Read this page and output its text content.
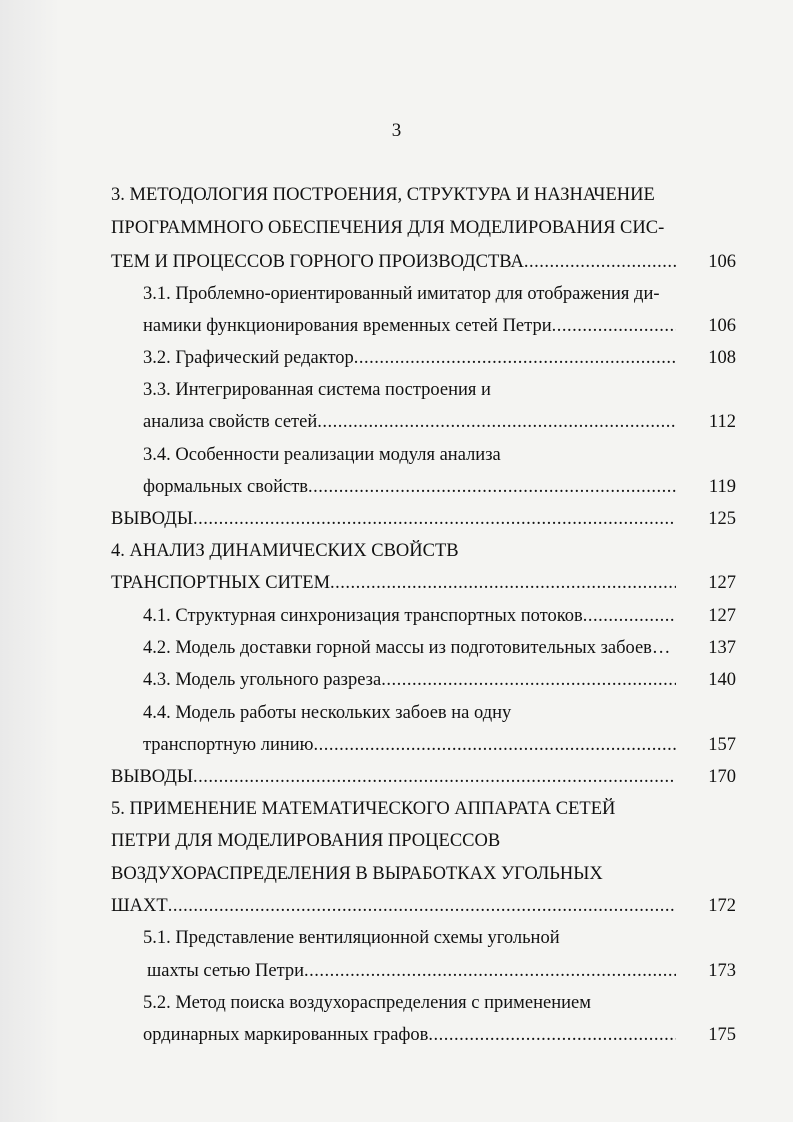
3
3. МЕТОДОЛОГИЯ ПОСТРОЕНИЯ, СТРУКТУРА И НАЗНАЧЕНИЕ
ПРОГРАММНОГО ОБЕСПЕЧЕНИЯ ДЛЯ МОДЕЛИРОВАНИЯ СИС-
ТЕМ И ПРОЦЕССОВ ГОРНОГО ПРОИЗВОДСТВА .....	106
3.1. Проблемно-ориентированный имитатор для отображения ди-
намики функционирования временных сетей Петри .....	106
3.2. Графический редактор .....	108
3.3. Интегрированная система построения и
анализа свойств сетей .....	112
3.4. Особенности реализации модуля анализа
формальных свойств .....	119
ВЫВОДЫ .....	125
4. АНАЛИЗ ДИНАМИЧЕСКИХ СВОЙСТВ
ТРАНСПОРТНЫХ СИТЕМ .....	127
4.1. Структурная синхронизация транспортных потоков .....	127
4.2. Модель доставки горной массы из подготовительных забоев…	137
4.3. Модель угольного разреза .....	140
4.4. Модель работы нескольких забоев на одну
транспортную линию .....	157
ВЫВОДЫ .....	170
5. ПРИМЕНЕНИЕ МАТЕМАТИЧЕСКОГО АППАРАТА СЕТЕЙ
ПЕТРИ ДЛЯ МОДЕЛИРОВАНИЯ ПРОЦЕССОВ
ВОЗДУХОРАСПРЕДЕЛЕНИЯ В ВЫРАБОТКАХ УГОЛЬНЫХ
ШАХТ .....	172
5.1. Представление вентиляционной схемы угольной
шахты сетью Петри .....	173
5.2. Метод поиска воздухораспределения с применением
ординарных маркированных графов .....	175
